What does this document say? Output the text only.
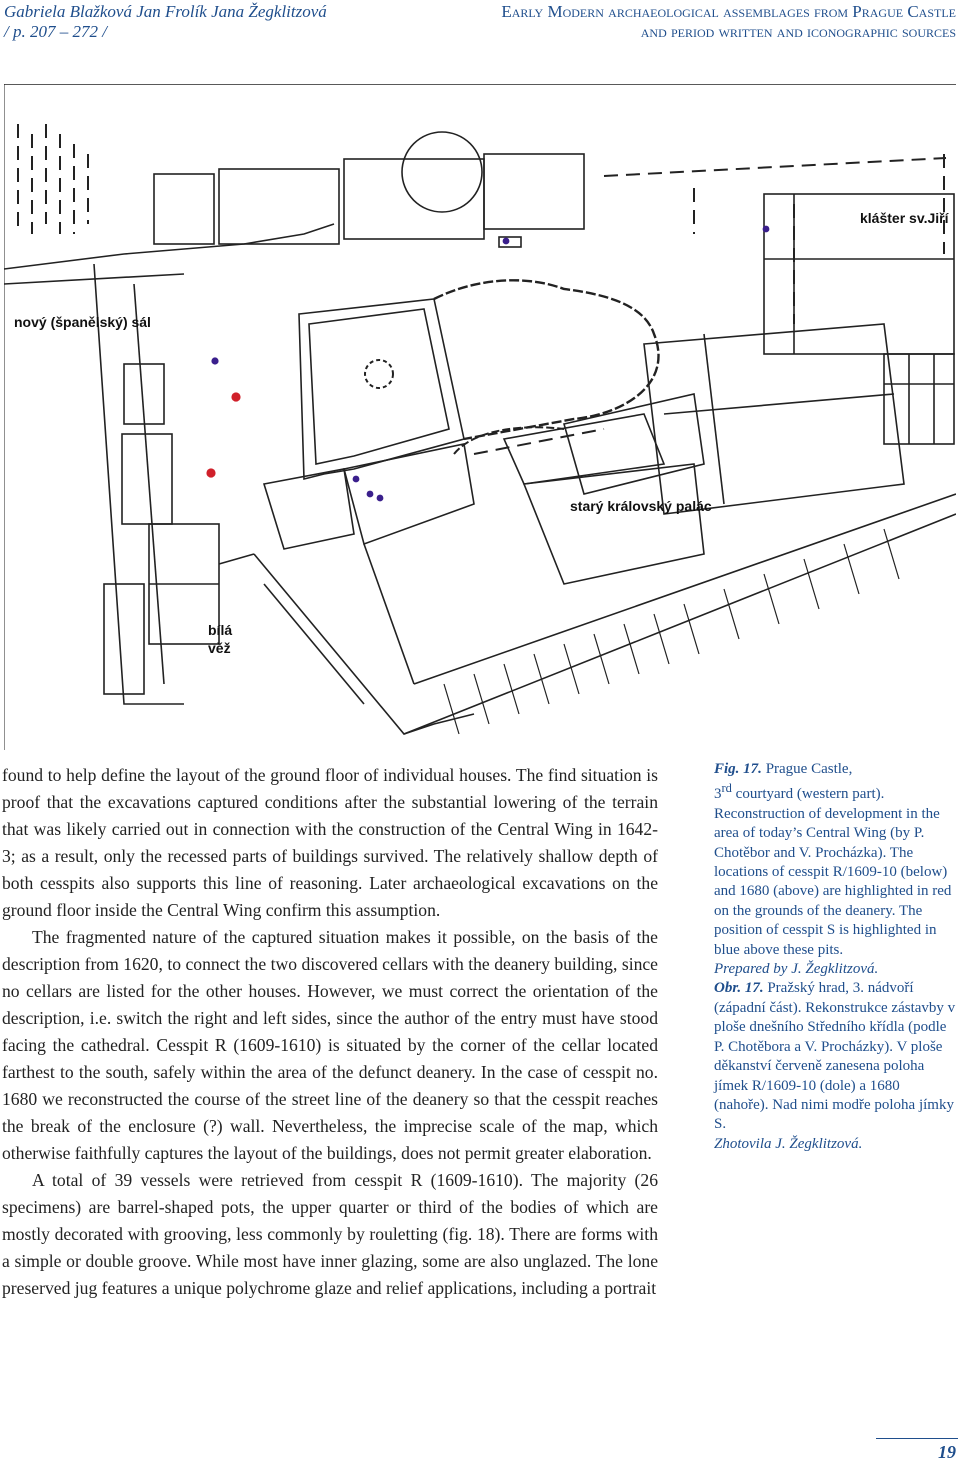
Gabriela Blažková Jan Frolík Jana Žegklitzová
/ p. 207 – 272 /
Early Modern archaeological assemblages from Prague Castle
and period written and iconographic sources
klášter sv.Jiří
nový (španělský) sál
starý královský palác
bílá
věž

found to help define the layout of the ground floor of individual houses. The find situation is proof that the excavations captured conditions after the substantial lowering of the terrain that was likely carried out in connection with the construction of the Central Wing in 1642-3; as a result, only the recessed parts of buildings survived. The relatively shallow depth of both cesspits also supports this line of reasoning. Later archaeological excavations on the ground floor inside the Central Wing confirm this assumption.

The fragmented nature of the captured situation makes it possible, on the basis of the description from 1620, to connect the two discovered cellars with the deanery building, since no cellars are listed for the other houses. However, we must correct the orientation of the description, i.e. switch the right and left sides, since the author of the entry must have stood facing the cathedral. Cesspit R (1609-1610) is situated by the corner of the cellar located farthest to the south, safely within the area of the defunct deanery. In the case of cesspit no. 1680 we reconstructed the course of the street line of the deanery so that the cesspit reaches the break of the enclosure (?) wall. Nevertheless, the imprecise scale of the map, which otherwise faithfully captures the layout of the buildings, does not permit greater elaboration.

A total of 39 vessels were retrieved from cesspit R (1609-1610). The majority (26 specimens) are barrel-shaped pots, the upper quarter or third of the bodies of which are mostly decorated with grooving, less commonly by rouletting (fig. 18). There are forms with a simple or double groove. While most have inner glazing, some are also unglazed. The lone preserved jug features a unique polychrome glaze and relief applications, including a portrait

Fig. 17. Prague Castle,
3rd courtyard (western part). Reconstruction of development in the area of today’s Central Wing (by P. Chotěbor and V. Procházka). The locations of cesspit R/1609-10 (below) and 1680 (above) are highlighted in red on the grounds of the deanery. The position of cesspit S is highlighted in blue above these pits.
Prepared by J. Žegklitzová.
Obr. 17. Pražský hrad, 3. nádvoří (západní část). Rekonstrukce zástavby v ploše dnešního Středního křídla (podle P. Chotěbora a V. Procházky). V ploše děkanství červeně zanesena poloha jímek R/1609-10 (dole) a 1680 (nahoře). Nad nimi modře poloha jímky S.
Zhotovila J. Žegklitzová.
19
